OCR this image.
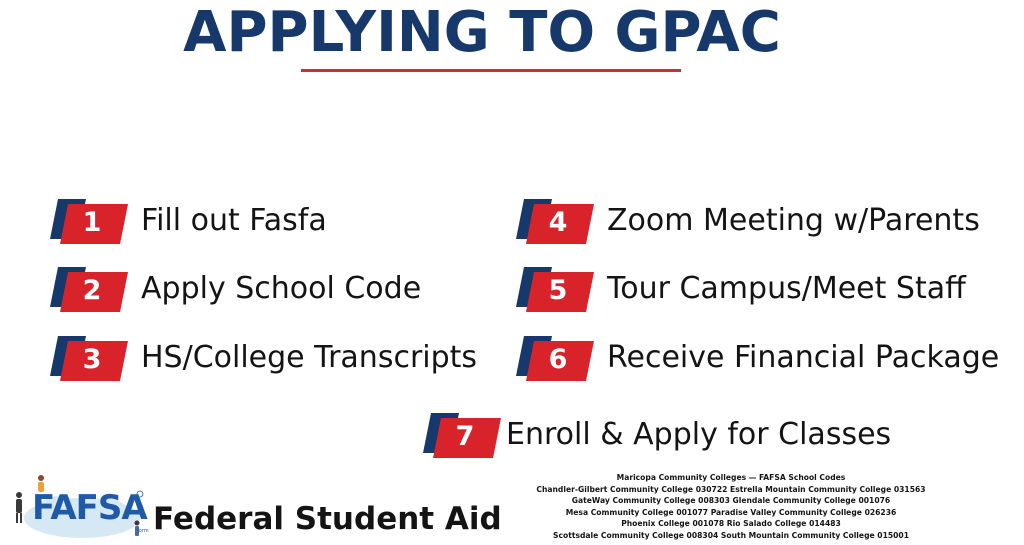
APPLYING TO GPAC
1	Fill out Fasfa
2	Apply School Code
3	HS/College Transcripts
4	Zoom Meeting w/Parents
5	Tour Campus/Meet Staff
6	Receive Financial Package
7	Enroll & Apply for Classes
form
FAFSA Federal Student Aid
Maricopa Community Colleges — FAFSA School Codes
Chandler-Gilbert Community College 030722 Estrella Mountain Community College 031563
GateWay Community College 008303 Glendale Community College 001076
Mesa Community College 001077 Paradise Valley Community College 026236
Phoenix College 001078 Rio Salado College 014483
Scottsdale Community College 008304 South Mountain Community College 015001
